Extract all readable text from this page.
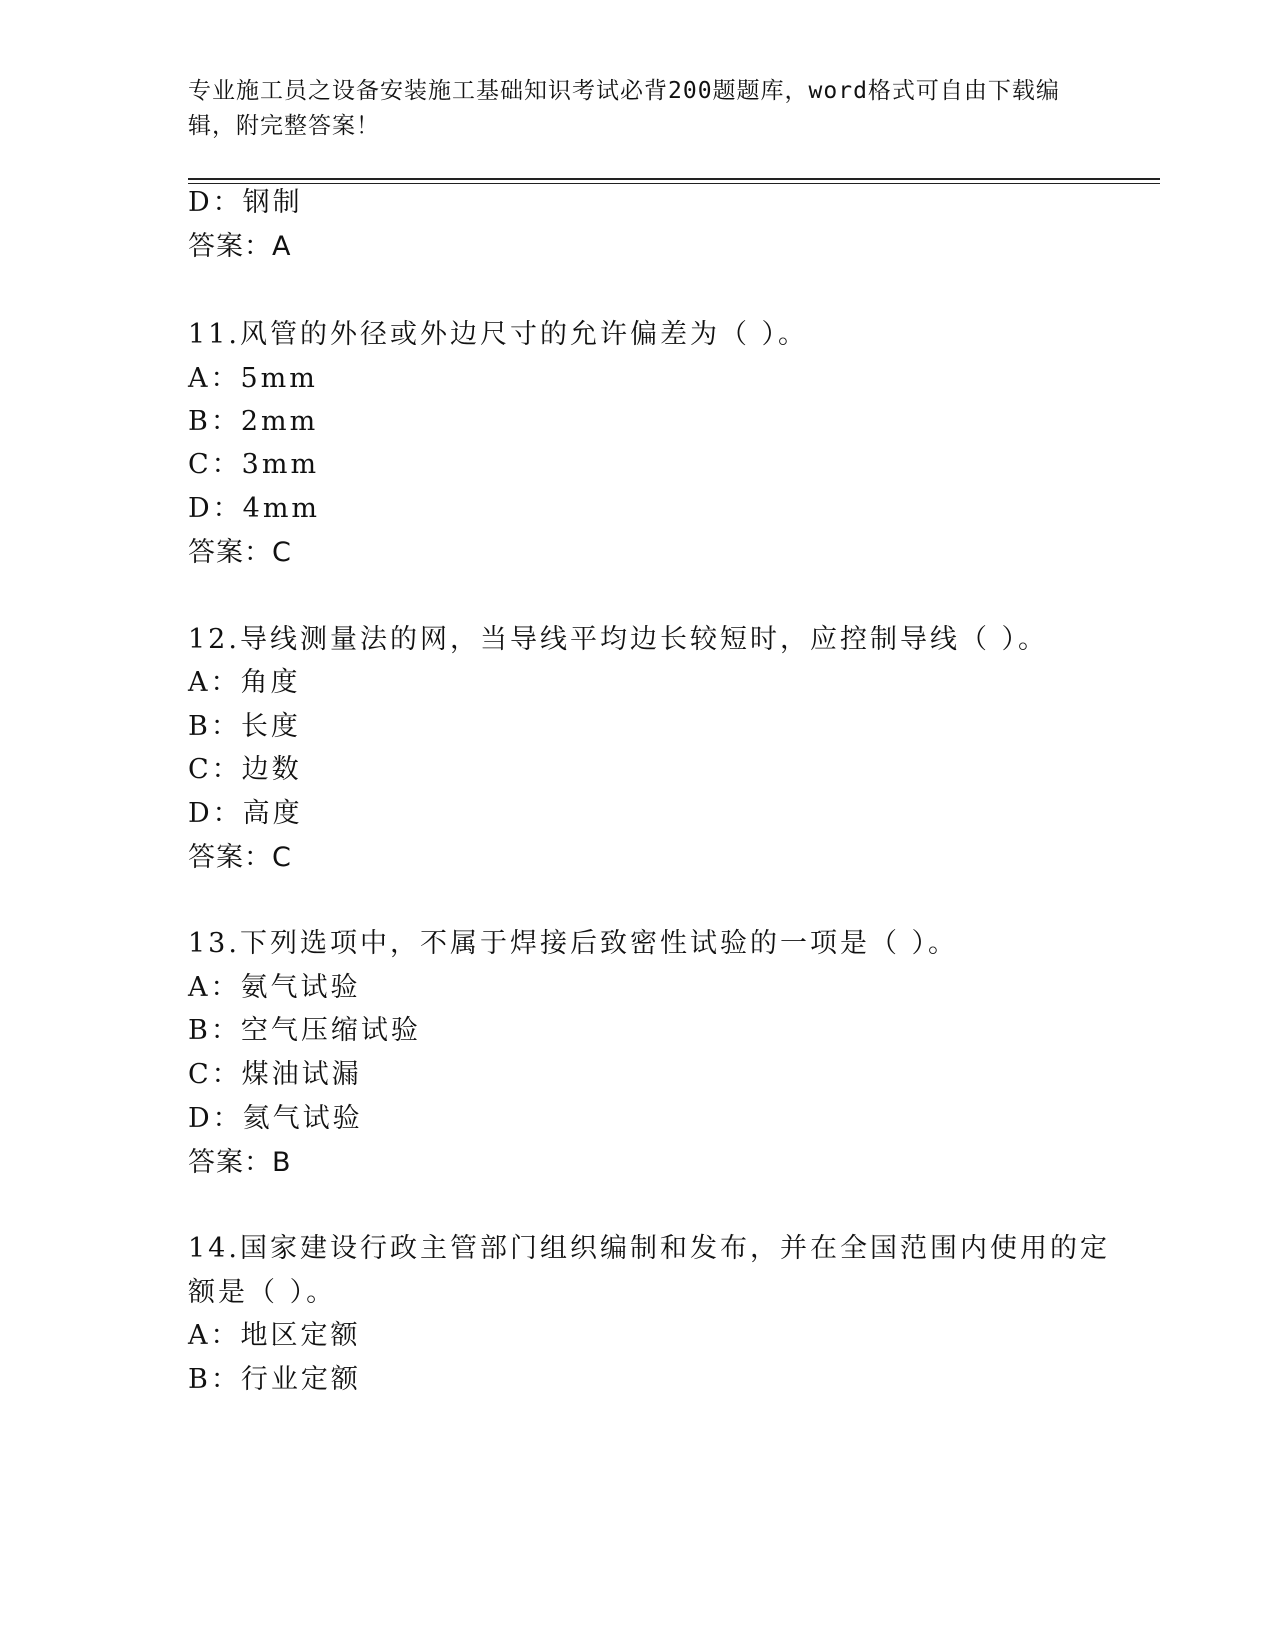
专业施工员之设备安装施工基础知识考试必背200题题库，word格式可自由下载编辑，附完整答案！
D：钢制
答案：A
11.风管的外径或外边尺寸的允许偏差为（ ）。
A：5mm
B：2mm
C：3mm
D：4mm
答案：C
12.导线测量法的网，当导线平均边长较短时，应控制导线（ ）。
A：角度
B：长度
C：边数
D：高度
答案：C
13.下列选项中，不属于焊接后致密性试验的一项是（ ）。
A：氨气试验
B：空气压缩试验
C：煤油试漏
D：氦气试验
答案：B
14.国家建设行政主管部门组织编制和发布，并在全国范围内使用的定
额是（ ）。
A：地区定额
B：行业定额
